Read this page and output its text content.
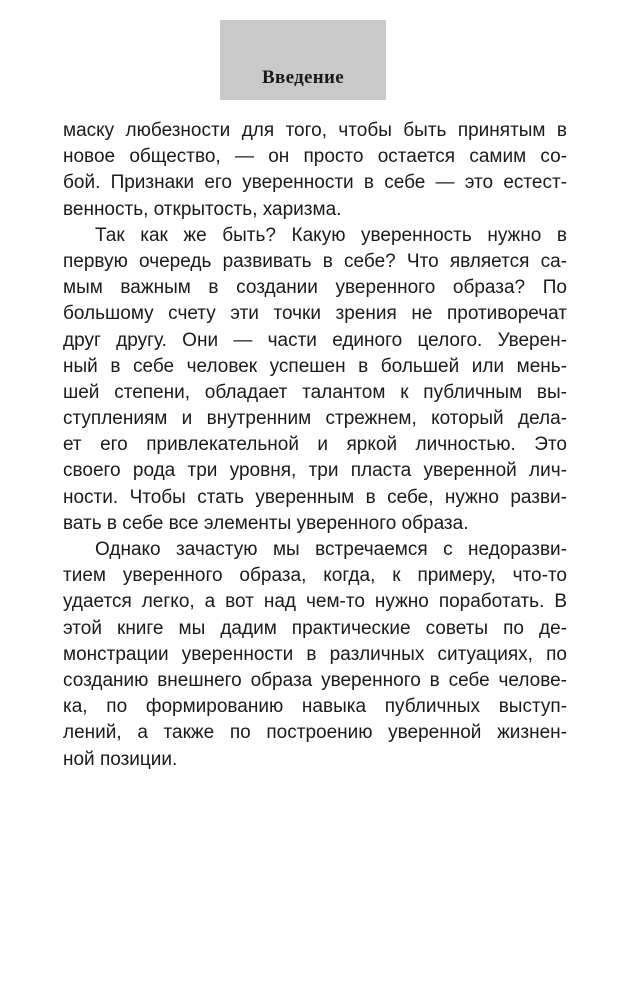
Введение
маску любезности для того, чтобы быть принятым в
новое общество, — он просто остается самим со-
бой. Признаки его уверенности в себе — это естест-
венность, открытость, харизма.
Так как же быть? Какую уверенность нужно в
первую очередь развивать в себе? Что является са-
мым важным в создании уверенного образа? По
большому счету эти точки зрения не противоречат
друг другу. Они — части единого целого. Уверен-
ный в себе человек успешен в большей или мень-
шей степени, обладает талантом к публичным вы-
ступлениям и внутренним стрежнем, который дела-
ет его привлекательной и яркой личностью. Это
своего рода три уровня, три пласта уверенной лич-
ности. Чтобы стать уверенным в себе, нужно разви-
вать в себе все элементы уверенного образа.
Однако зачастую мы встречаемся с недоразви-
тием уверенного образа, когда, к примеру, что-то
удается легко, а вот над чем-то нужно поработать. В
этой книге мы дадим практические советы по де-
монстрации уверенности в различных ситуациях, по
созданию внешнего образа уверенного в себе челове-
ка, по формированию навыка публичных выступ-
лений, а также по построению уверенной жизнен-
ной позиции.
